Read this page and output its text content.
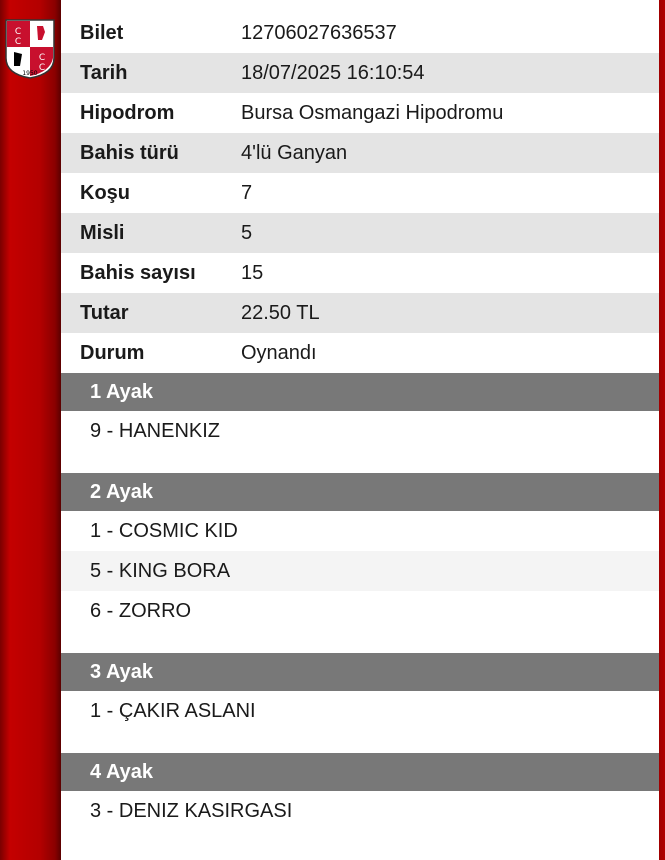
C
C
C
C
1950
Bilet	12706027636537
Tarih	18/07/2025 16:10:54
Hipodrom	Bursa Osmangazi Hipodromu
Bahis türü	4'lü Ganyan
Koşu	7
Misli	5
Bahis sayısı	15
Tutar	22.50 TL
Durum	Oynandı
1 Ayak
9 - HANENKIZ
2 Ayak
1 - COSMIC KID
5 - KING BORA
6 - ZORRO
3 Ayak
1 - ÇAKIR ASLANI
4 Ayak
3 - DENIZ KASIRGASI
